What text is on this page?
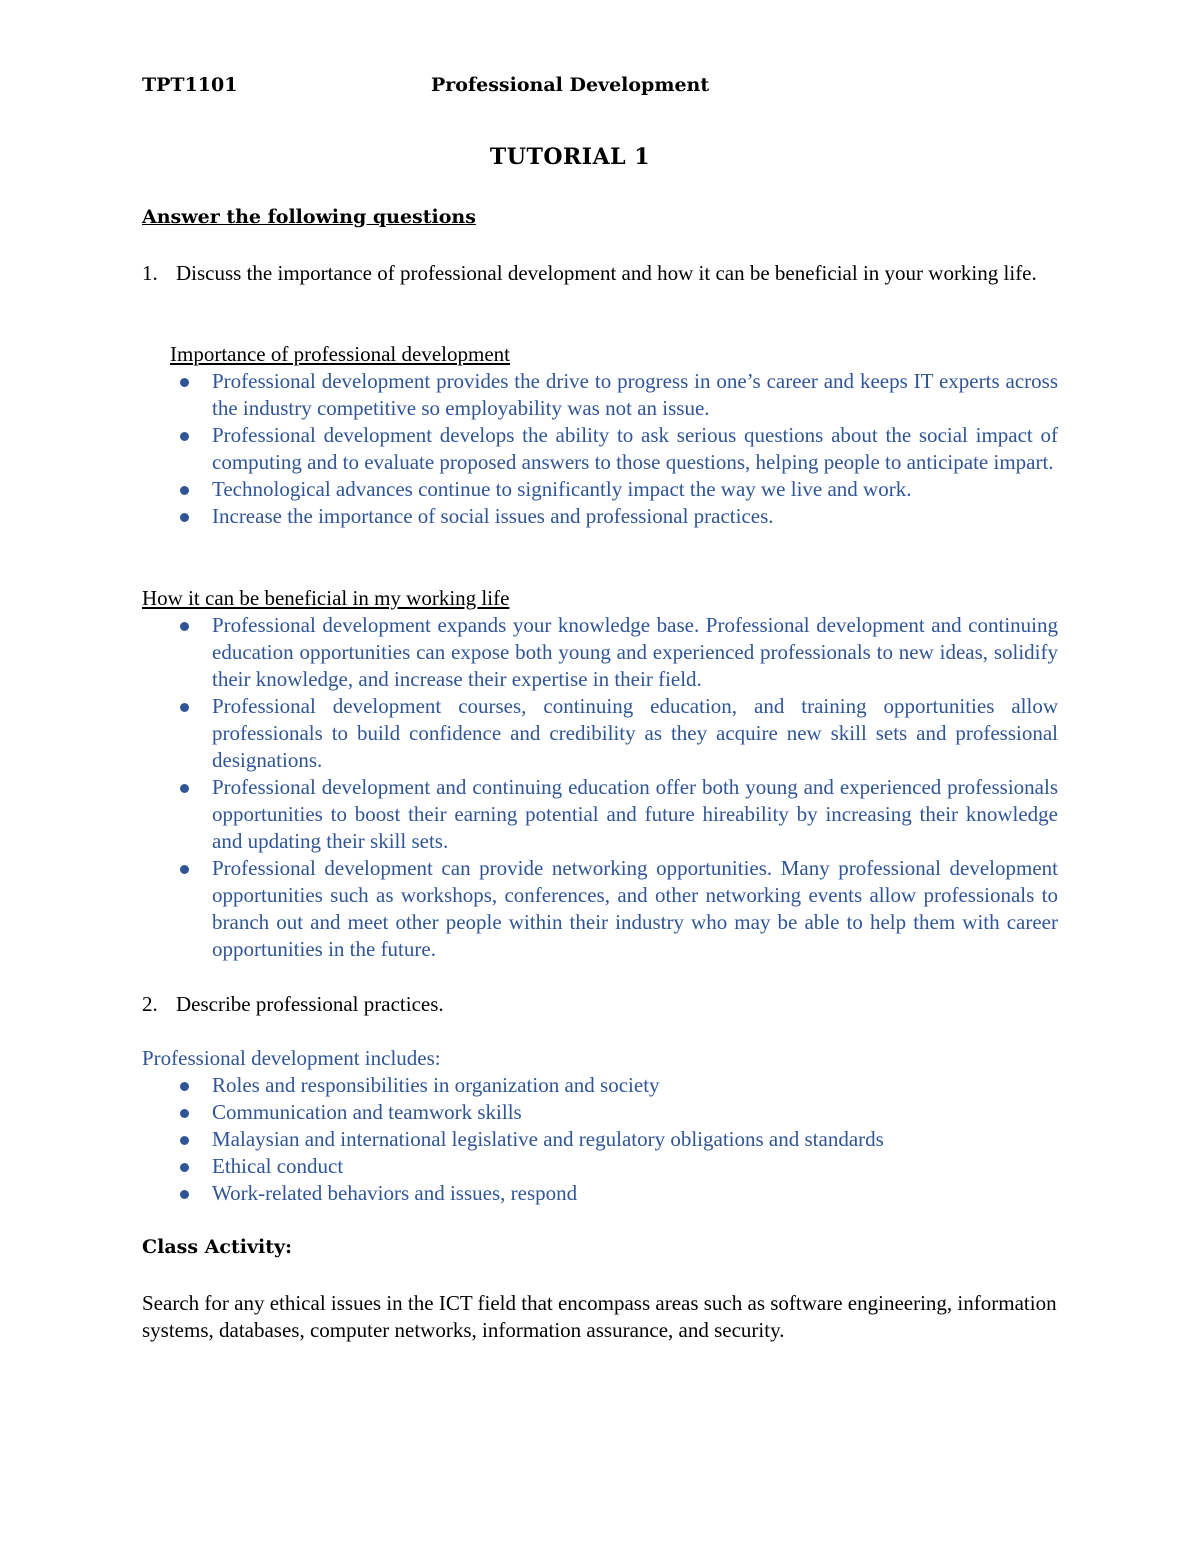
TPT1101	Professional Development
TUTORIAL 1
Answer the following questions
1. Discuss the importance of professional development and how it can be beneficial in your working life.
Importance of professional development
Professional development provides the drive to progress in one’s career and keeps IT experts across the industry competitive so employability was not an issue.
Professional development develops the ability to ask serious questions about the social impact of computing and to evaluate proposed answers to those questions, helping people to anticipate impart.
Technological advances continue to significantly impact the way we live and work.
Increase the importance of social issues and professional practices.
How it can be beneficial in my working life
Professional development expands your knowledge base. Professional development and continuing education opportunities can expose both young and experienced professionals to new ideas, solidify their knowledge, and increase their expertise in their field.
Professional development courses, continuing education, and training opportunities allow professionals to build confidence and credibility as they acquire new skill sets and professional designations.
Professional development and continuing education offer both young and experienced professionals opportunities to boost their earning potential and future hireability by increasing their knowledge and updating their skill sets.
Professional development can provide networking opportunities. Many professional development opportunities such as workshops, conferences, and other networking events allow professionals to branch out and meet other people within their industry who may be able to help them with career opportunities in the future.
2. Describe professional practices.
Professional development includes:
Roles and responsibilities in organization and society
Communication and teamwork skills
Malaysian and international legislative and regulatory obligations and standards
Ethical conduct
Work-related behaviors and issues, respond
Class Activity:
Search for any ethical issues in the ICT field that encompass areas such as software engineering, information systems, databases, computer networks, information assurance, and security.
